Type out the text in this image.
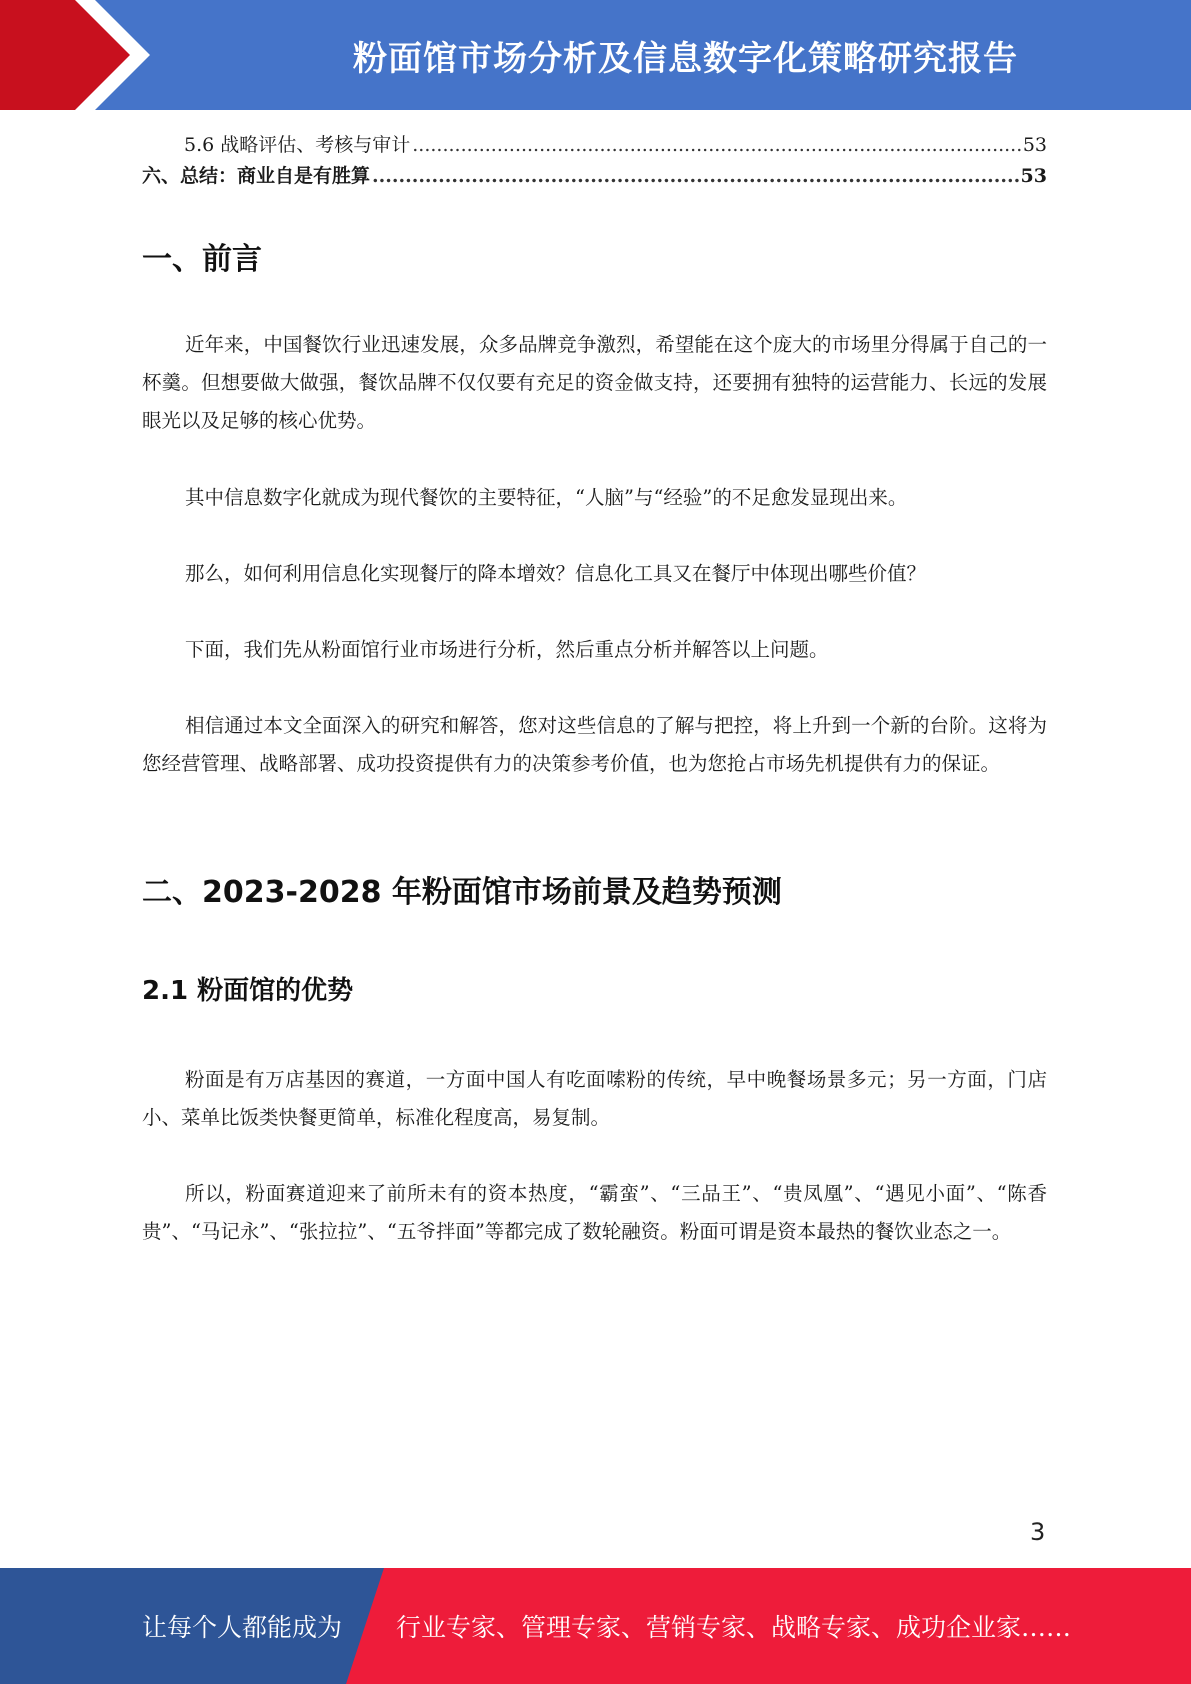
粉面馆市场分析及信息数字化策略研究报告
5.6 战略评估、考核与审计 .....	53
六、总结：商业自是有胜算 .....	53
一、前言

近年来，中国餐饮行业迅速发展，众多品牌竞争激烈，希望能在这个庞大的市场里分得属于自己的一杯羹。但想要做大做强，餐饮品牌不仅仅要有充足的资金做支持，还要拥有独特的运营能力、长远的发展眼光以及足够的核心优势。

其中信息数字化就成为现代餐饮的主要特征，“人脑”与“经验”的不足愈发显现出来。

那么，如何利用信息化实现餐厅的降本增效？信息化工具又在餐厅中体现出哪些价值？

下面，我们先从粉面馆行业市场进行分析，然后重点分析并解答以上问题。

相信通过本文全面深入的研究和解答，您对这些信息的了解与把控，将上升到一个新的台阶。这将为您经营管理、战略部署、成功投资提供有力的决策参考价值，也为您抢占市场先机提供有力的保证。

二、2023-2028 年粉面馆市场前景及趋势预测
2.1 粉面馆的优势

粉面是有万店基因的赛道，一方面中国人有吃面嗦粉的传统，早中晚餐场景多元；另一方面，门店小、菜单比饭类快餐更简单，标准化程度高，易复制。

所以，粉面赛道迎来了前所未有的资本热度，“霸蛮”、“三品王”、“贵凤凰”、“遇见小面”、“陈香贵”、“马记永”、“张拉拉”、“五爷拌面”等都完成了数轮融资。粉面可谓是资本最热的餐饮业态之一。

3
让每个人都能成为 行业专家、管理专家、营销专家、战略专家、成功企业家……
